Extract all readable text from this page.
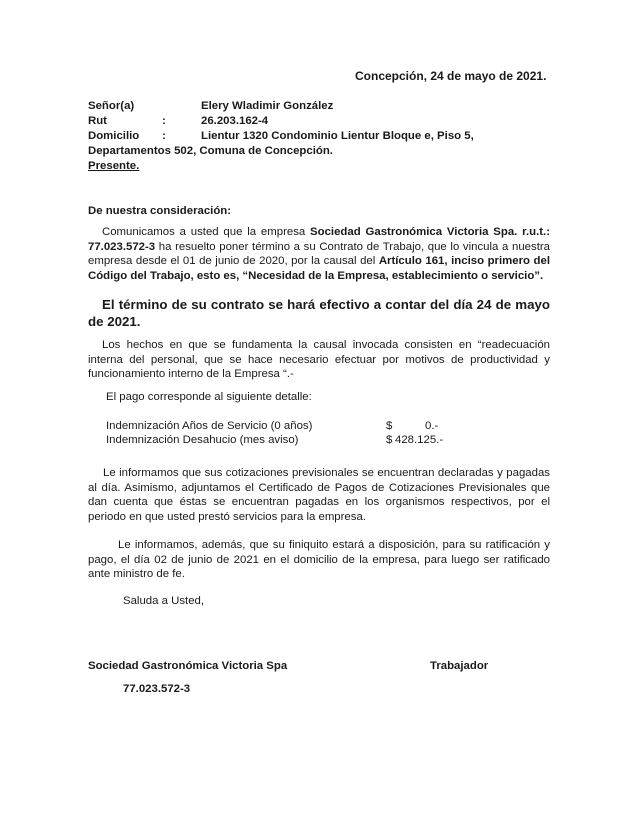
Concepción, 24 de mayo de 2021.
Señor(a)	Elery Wladimir González
Rut	:	26.203.162-4
Domicilio :	Lientur 1320 Condominio Lientur Bloque e, Piso 5,
Departamentos 502, Comuna de Concepción.
Presente.
De nuestra consideración:
Comunicamos a usted que la empresa Sociedad Gastronómica Victoria Spa. r.u.t.: 77.023.572-3 ha resuelto poner término a su Contrato de Trabajo, que lo vincula a nuestra empresa desde el 01 de junio de 2020, por la causal del Artículo 161, inciso primero del Código del Trabajo, esto es, “Necesidad de la Empresa, establecimiento o servicio”.
El término de su contrato se hará efectivo a contar del día 24 de mayo de 2021.
Los hechos en que se fundamenta la causal invocada consisten en “readecuación interna del personal, que se hace necesario efectuar por motivos de productividad y funcionamiento interno de la Empresa “.-
El pago corresponde al siguiente detalle:
Indemnización Años de Servicio (0 años)	$	0.-
Indemnización Desahucio (mes aviso)	$ 428.125.-
Le informamos que sus cotizaciones previsionales se encuentran declaradas y pagadas al día. Asimismo, adjuntamos el Certificado de Pagos de Cotizaciones Previsionales que dan cuenta que éstas se encuentran pagadas en los organismos respectivos, por el periodo en que usted prestó servicios para la empresa.
Le informamos, además, que su finiquito estará a disposición, para su ratificación y pago, el día 02 de junio de 2021 en el domicilio de la empresa, para luego ser ratificado ante ministro de fe.
Saluda a Usted,
Sociedad Gastronómica Victoria Spa	Trabajador
77.023.572-3
